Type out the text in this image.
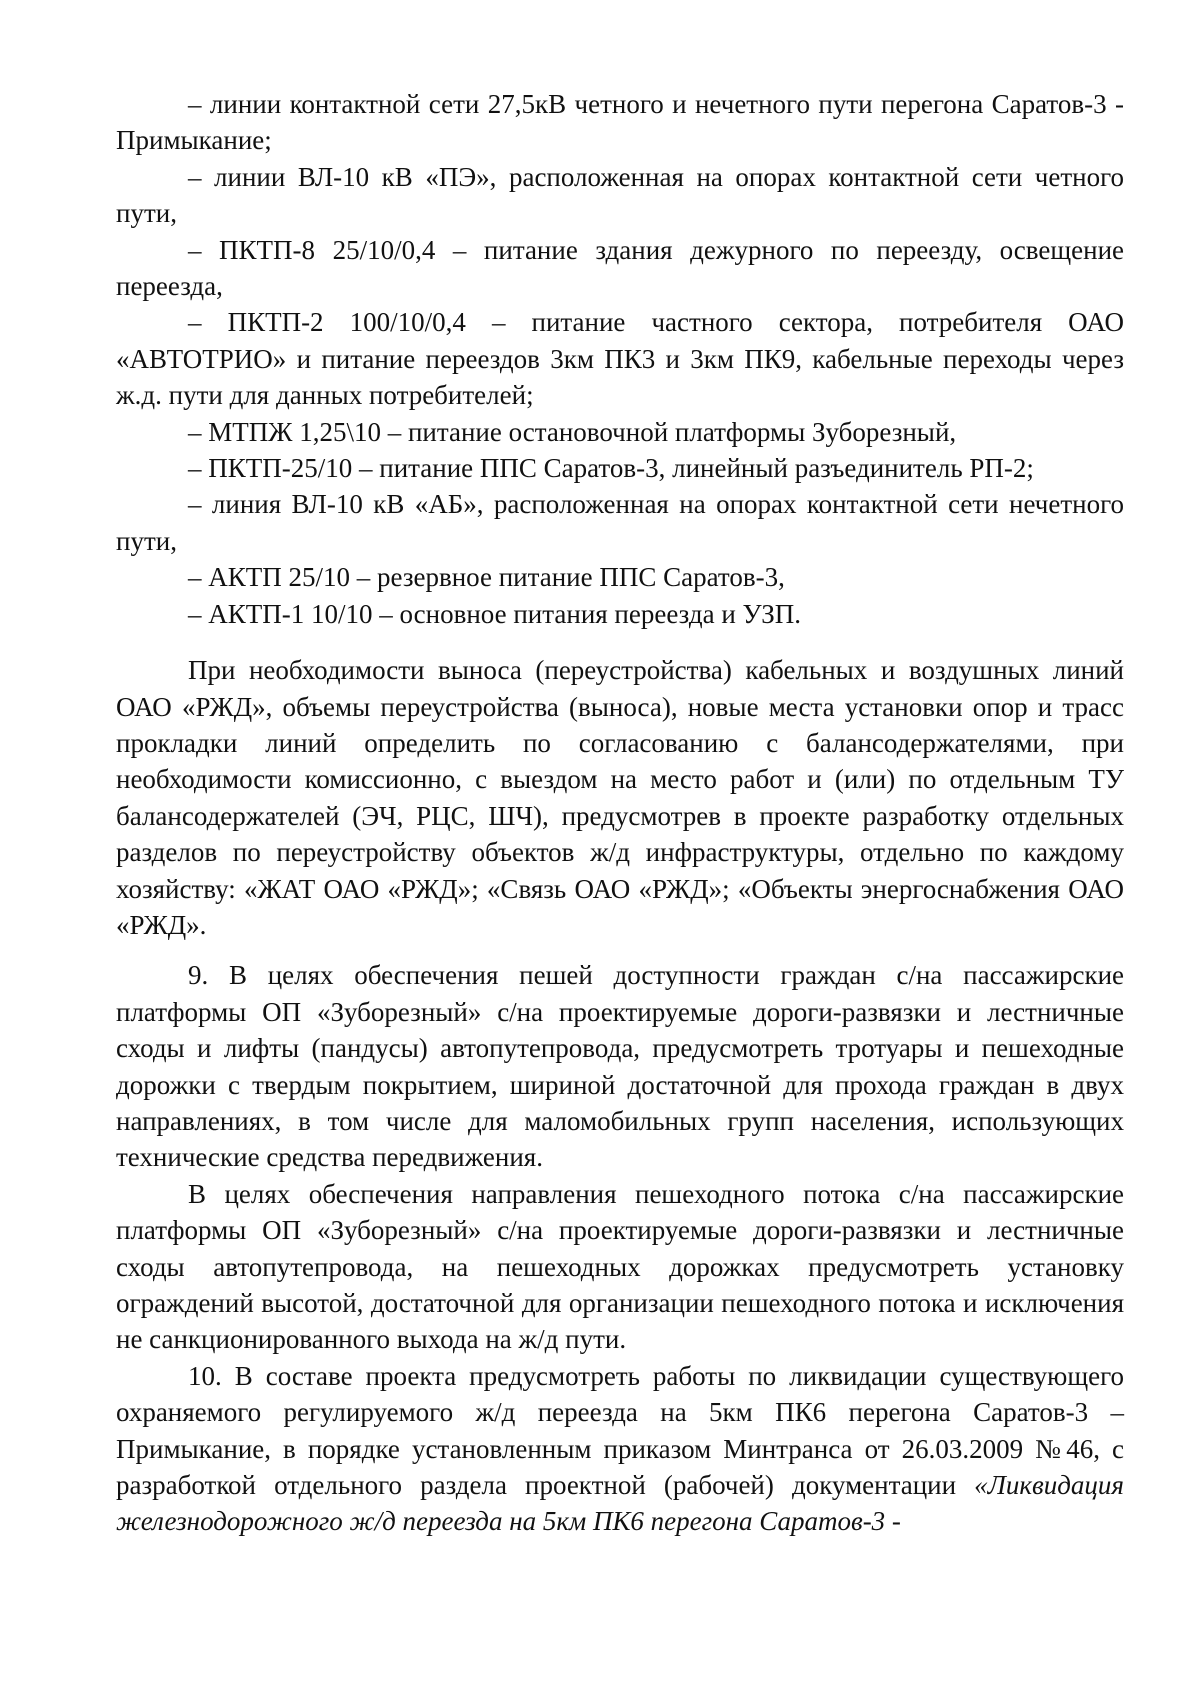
– линии контактной сети 27,5кВ четного и нечетного пути перегона Саратов-3 - Примыкание;

– линии ВЛ-10 кВ «ПЭ», расположенная на опорах контактной сети четного пути,

– ПКТП-8 25/10/0,4 – питание здания дежурного по переезду, освещение переезда,

– ПКТП-2 100/10/0,4 – питание частного сектора, потребителя ОАО «АВТОТРИО» и питание переездов 3км ПК3 и 3км ПК9, кабельные переходы через ж.д. пути для данных потребителей;

– МТПЖ 1,25\10 – питание остановочной платформы Зуборезный,

– ПКТП-25/10 – питание ППС Саратов-3, линейный разъединитель РП-2;

– линия ВЛ-10 кВ «АБ», расположенная на опорах контактной сети нечетного пути,

– АКТП 25/10 – резервное питание ППС Саратов-3,

– АКТП-1 10/10 – основное питания переезда и УЗП.

При необходимости выноса (переустройства) кабельных и воздушных линий ОАО «РЖД», объемы переустройства (выноса), новые места установки опор и трасс прокладки линий определить по согласованию с балансодержателями, при необходимости комиссионно, с выездом на место работ и (или) по отдельным ТУ балансодержателей (ЭЧ, РЦС, ШЧ), предусмотрев в проекте разработку отдельных разделов по переустройству объектов ж/д инфраструктуры, отдельно по каждому хозяйству: «ЖАТ ОАО «РЖД»; «Связь ОАО «РЖД»; «Объекты энергоснабжения ОАО «РЖД».

9. В целях обеспечения пешей доступности граждан с/на пассажирские платформы ОП «Зуборезный» с/на проектируемые дороги-развязки и лестничные сходы и лифты (пандусы) автопутепровода, предусмотреть тротуары и пешеходные дорожки с твердым покрытием, шириной достаточной для прохода граждан в двух направлениях, в том числе для маломобильных групп населения, использующих технические средства передвижения.

В целях обеспечения направления пешеходного потока с/на пассажирские платформы ОП «Зуборезный» с/на проектируемые дороги-развязки и лестничные сходы автопутепровода, на пешеходных дорожках предусмотреть установку ограждений высотой, достаточной для организации пешеходного потока и исключения не санкционированного выхода на ж/д пути.

10. В составе проекта предусмотреть работы по ликвидации существующего охраняемого регулируемого ж/д переезда на 5км ПК6 перегона Саратов-3 – Примыкание, в порядке установленным приказом Минтранса от 26.03.2009 №46, с разработкой отдельного раздела проектной (рабочей) документации «Ликвидация железнодорожного ж/д переезда на 5км ПК6 перегона Саратов-3 -
